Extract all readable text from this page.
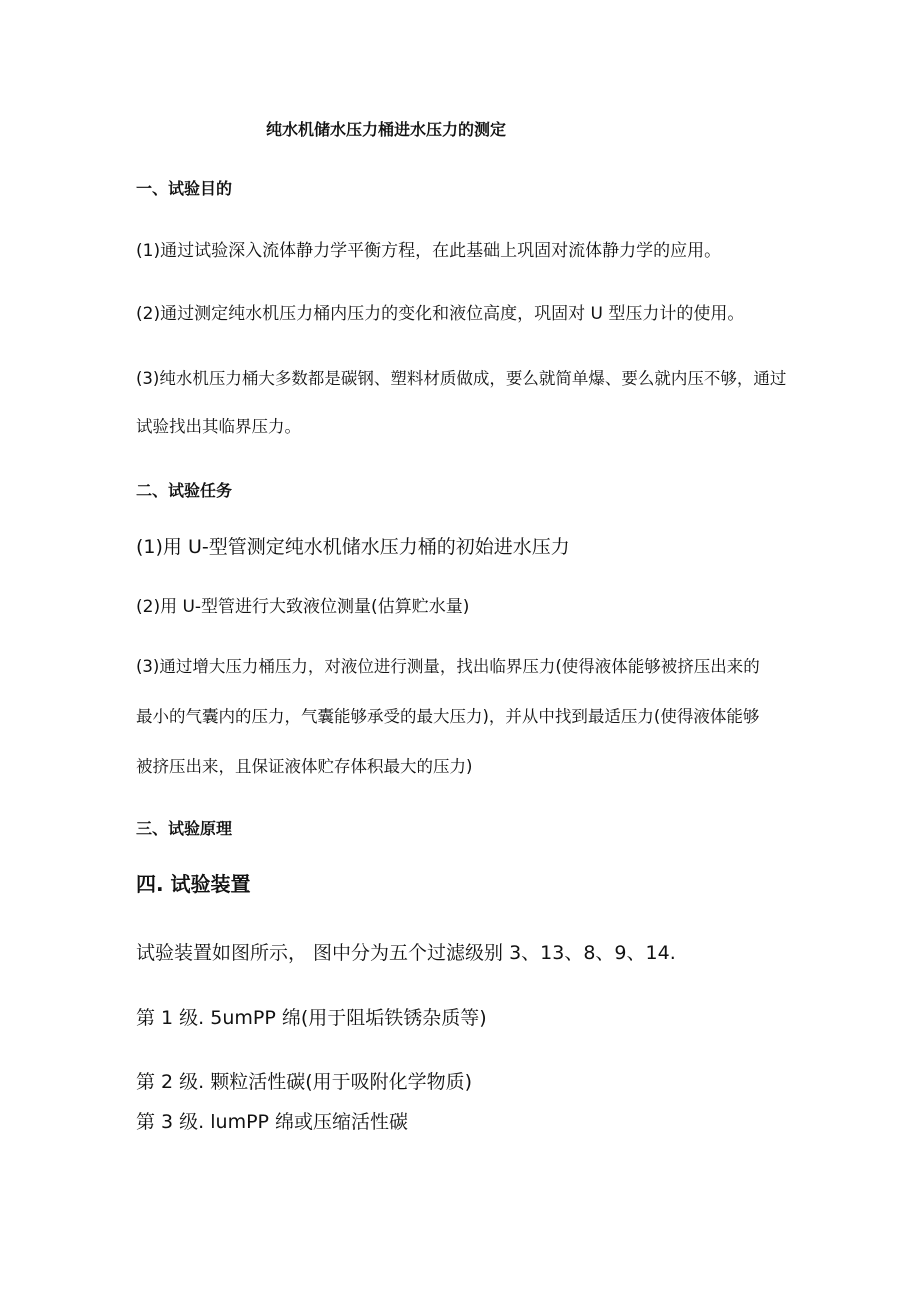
纯水机储水压力桶进水压力的测定
一、试验目的
(1)通过试验深入流体静力学平衡方程，在此基础上巩固对流体静力学的应用。
(2)通过测定纯水机压力桶内压力的变化和液位高度，巩固对 U 型压力计的使用。
(3)纯水机压力桶大多数都是碳钢、塑料材质做成，要么就简单爆、要么就内压不够，通过
试验找出其临界压力。
二、试验任务
(1)用 U-型管测定纯水机储水压力桶的初始进水压力
(2)用 U-型管进行大致液位测量(估算贮水量)
(3)通过增大压力桶压力，对液位进行测量，找出临界压力(使得液体能够被挤压出来的
最小的气囊内的压力，气囊能够承受的最大压力)，并从中找到最适压力(使得液体能够
被挤压出来，且保证液体贮存体积最大的压力)
三、试验原理
四. 试验装置
试验装置如图所示， 图中分为五个过滤级别 3、13、8、9、14.
第 1 级. 5umPP 绵(用于阻垢铁锈杂质等)
第 2 级. 颗粒活性碳(用于吸附化学物质)
第 3 级. lumPP 绵或压缩活性碳
